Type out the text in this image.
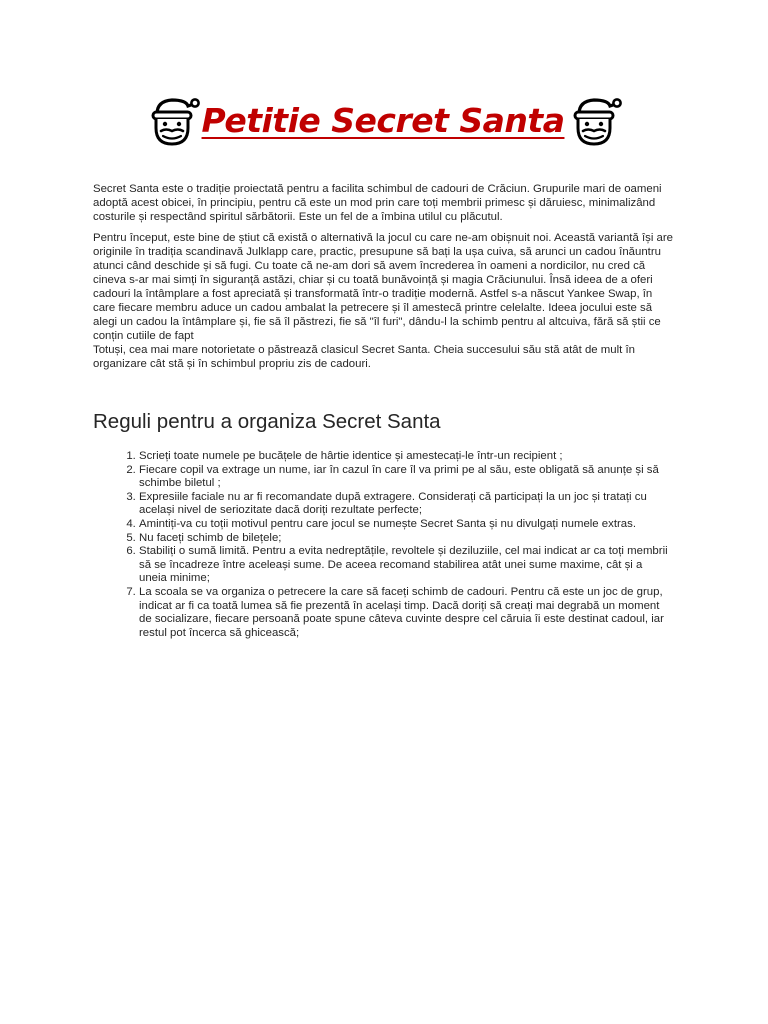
Petitie Secret Santa

Secret Santa este o tradiție proiectată pentru a facilita schimbul de cadouri de Crăciun. Grupurile mari de oameni adoptă acest obicei, în principiu, pentru că este un mod prin care toți membrii primesc și dăruiesc, minimalizând costurile și respectând spiritul sărbătorii. Este un fel de a îmbina utilul cu plăcutul.

Pentru început, este bine de știut că există o alternativă la jocul cu care ne-am obișnuit noi. Această variantă își are originile în tradiția scandinavă Julklapp care, practic, presupune să bați la ușa cuiva, să arunci un cadou înăuntru atunci când deschide și să fugi. Cu toate că ne-am dori să avem încrederea în oameni a nordicilor, nu cred că cineva s-ar mai simți în siguranță astăzi, chiar și cu toată bunăvoință și magia Crăciunului. Însă ideea de a oferi cadouri la întâmplare a fost apreciată și transformată într-o tradiție modernă. Astfel s-a născut Yankee Swap, în care fiecare membru aduce un cadou ambalat la petrecere și îl amestecă printre celelalte. Ideea jocului este să alegi un cadou la întâmplare și, fie să îl păstrezi, fie să "îl furi", dându-l la schimb pentru al altcuiva, fără să știi ce conțin cutiile de fapt

Totuși, cea mai mare notorietate o păstrează clasicul Secret Santa. Cheia succesului său stă atât de mult în organizare cât stă și în schimbul propriu zis de cadouri.

Reguli pentru a organiza Secret Santa
1. Scrieți toate numele pe bucățele de hârtie identice și amestecați-le într-un recipient ;
2. Fiecare copil va extrage un nume, iar în cazul în care îl va primi pe al său, este obligată să anunțe și să schimbe biletul ;
3. Expresiile faciale nu ar fi recomandate după extragere. Considerați că participați la un joc și tratați cu același nivel de seriozitate dacă doriți rezultate perfecte;
4. Amintiți-va cu toții motivul pentru care jocul se numește Secret Santa și nu divulgați numele extras.
5. Nu faceți schimb de bilețele;
6. Stabiliți o sumă limită. Pentru a evita nedreptățile, revoltele și deziluziile, cel mai indicat ar ca toți membrii să se încadreze între aceleași sume. De aceea recomand stabilirea atât unei sume maxime, cât și a uneia minime;
7. La scoala se va organiza o petrecere la care să faceți schimb de cadouri. Pentru că este un joc de grup, indicat ar fi ca toată lumea să fie prezentă în același timp. Dacă doriți să creați mai degrabă un moment de socializare, fiecare persoană poate spune câteva cuvinte despre cel căruia îi este destinat cadoul, iar restul pot încerca să ghicească;
